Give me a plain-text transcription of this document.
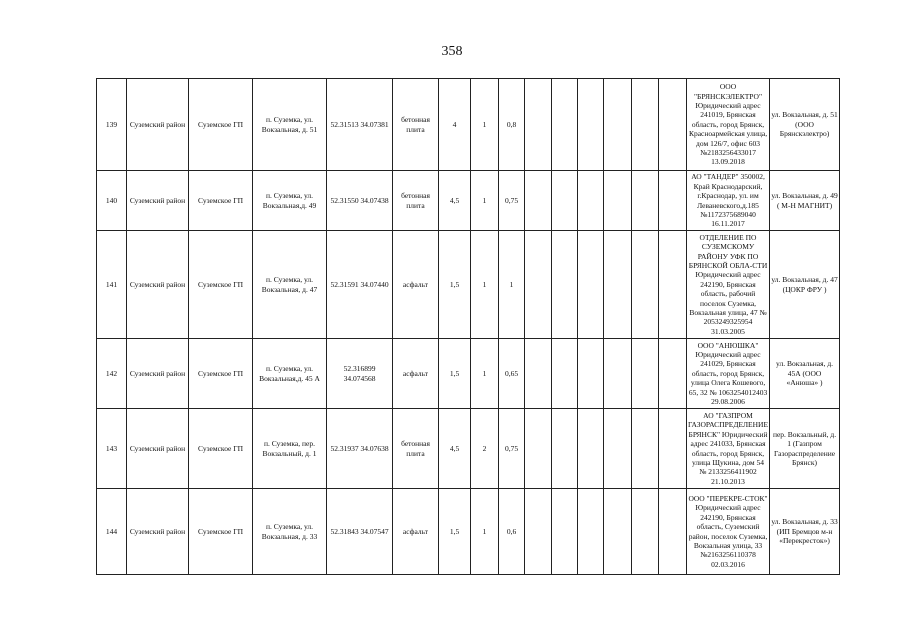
358
139	Суземский район	Суземское ГП	п. Суземка, ул. Вокзальная, д. 51	52.31513 34.07381	бетонная плита	4	1	0,8							ООО "БРЯНСКЭЛЕКТРО" Юридический адрес 241019, Брянская область, город Брянск, Красноармейская улица, дом 126/7, офис 603 №2183256433017 13.09.2018	ул. Вокзальная, д. 51 (ООО Брянскэлектро)
140	Суземский район	Суземское ГП	п. Суземка, ул. Вокзальная,д. 49	52.31550 34.07438	бетонная плита	4,5	1	0,75							АО "ТАНДЕР" 350002, Край Краснодарский, г.Краснодар, ул. им Леваневского,д.185 №1172375689040 16.11.2017	ул. Вокзальная, д. 49 ( М-Н МАГНИТ)
141	Суземский район	Суземское ГП	п. Суземка, ул. Вокзальная, д. 47	52.31591 34.07440	асфальт	1,5	1	1							ОТДЕЛЕНИЕ ПО СУЗЕМСКОМУ РАЙОНУ УФК ПО БРЯНСКОЙ ОБЛА-СТИ Юридический адрес 242190, Брянская область, рабочий поселок Суземка, Вокзальная улица, 47 № 2053249325954 31.03.2005	ул. Вокзальная, д. 47 (ЦОКР ФРУ )
142	Суземский район	Суземское ГП	п. Суземка, ул. Вокзальная,д. 45 А	52.316899 34.074568	асфальт	1,5	1	0,65							ООО "АНЮШКА" Юридический адрес 241029, Брянская область, город Брянск, улица Олега Кошевого, 65, 32 № 1063254012403 29.08.2006	ул. Вокзальная, д. 45А (ООО «Анюша» )
143	Суземский район	Суземское ГП	п. Суземка, пер. Вокзальный, д. 1	52.31937 34.07638	бетонная плита	4,5	2	0,75							АО "ГАЗПРОМ ГАЗОРАСПРЕДЕЛЕНИЕ БРЯНСК" Юридический адрес 241033, Брянская область, город Брянск, улица Щукина, дом 54 № 2133256411902 21.10.2013	пер. Вокзальный, д. 1 (Газпром Газораспределение Брянск)
144	Суземский район	Суземское ГП	п. Суземка, ул. Вокзальная, д. 33	52.31843 34.07547	асфальт	1,5	1	0,6							ООО "ПЕРЕКРЕ-СТОК" Юридический адрес 242190, Брянская область, Суземский район, поселок Суземка, Вокзальная улица, 33 №2163256110378 02.03.2016	ул. Вокзальная, д. 33 (ИП Бремцов м-н «Перекресток»)
